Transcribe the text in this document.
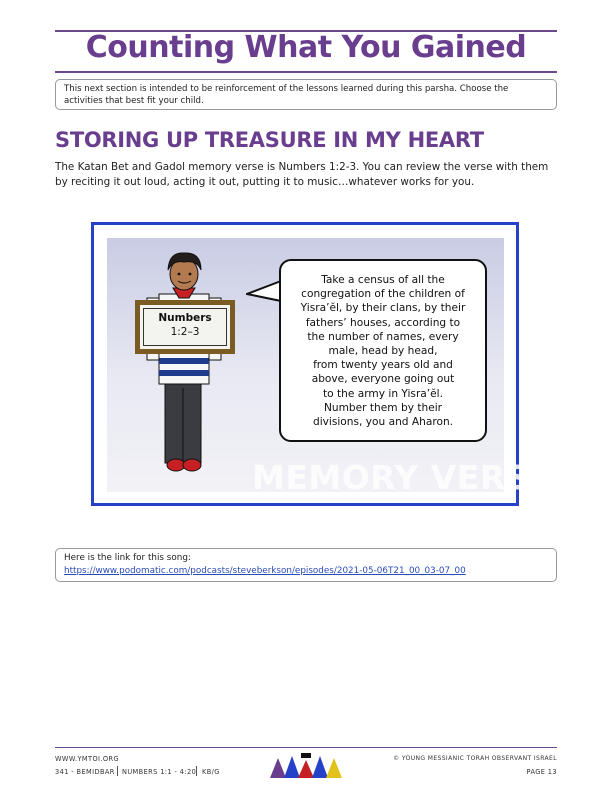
Counting What You Gained
This next section is intended to be reinforcement of the lessons learned during this parsha. Choose the activities that best fit your child.
STORING UP TREASURE IN MY HEART
The Katan Bet and Gadol memory verse is Numbers 1:2-3. You can review the verse with them by reciting it out loud, acting it out, putting it to music…whatever works for you.
Numbers
1:2–3
Take a census of all the
congregation of the children of
Yisra’ĕl, by their clans, by their
fathers’ houses, according to
the number of names, every
male, head by head,
from twenty years old and
above, everyone going out
to the army in Yisra’ĕl.
Number them by their
divisions, you and Aharon.
MEMORY VERSE
Here is the link for this song:
https://www.podomatic.com/podcasts/steveberkson/episodes/2021-05-06T21_00_03-07_00
WWW.YMTOI.ORG
341 - BEMIDBAR NUMBERS 1:1 - 4:20 KB/G
© YOUNG MESSIANIC TORAH OBSERVANT ISRAEL
PAGE 13
